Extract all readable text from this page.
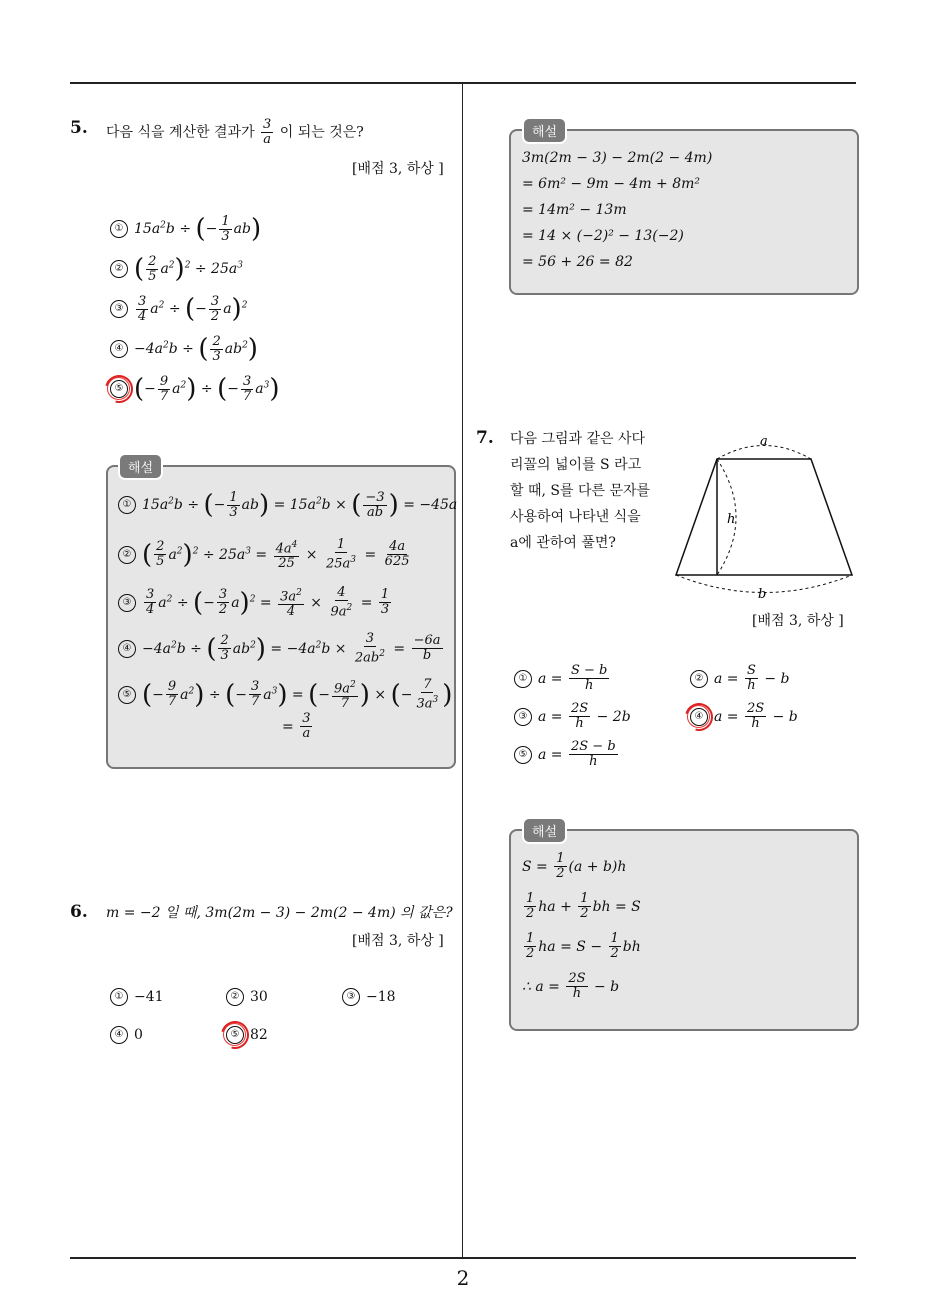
2
5. 다음 식을 계산한 결과가 $\frac{3}{a}$ 이 되는 것은?
[배점 3, 하상 ]
① $15a^2b$ ÷ (− $\frac{1}{3} ab$)
② ( $\frac{2}{5} a^2)^2 \div 25a^3$
③ $\frac{3}{4} a^2$ ÷ (− $\frac{3}{2} a)^2$
④ $-4a^2b$ ÷ ( $\frac{2}{3} ab^2$)
⑤ (− $\frac{9}{7} a^2$) ÷ (− $\frac{3}{7} a^3$)
해설
① $15a^2b$ ÷ (− $\frac{1}{3} ab) = 15a^2b$ × ( $\frac{-3}{ab}$ ) = −45a
② ( $\frac{2}{5} a^2)^2 \div 25a^3 = \frac{4a^4}{25} \times \frac{1}{25a^3} = \frac{4a}{625}$
③ $\frac{3}{4} a^2$ ÷ (− $\frac{3}{2} a)^2 = \frac{3a^2}{4} \times \frac{4}{9a^2} = \frac{1}{3}$
④ $-4a^2b$ ÷ ( $\frac{2}{3} ab^2) = -4a^2b \times \frac{3}{2ab^2} = \frac{-6a}{b}$
⑤ (− $\frac{9}{7} a^2$) ÷ (− $\frac{3}{7} a^3$) = (− $\frac{9a^2}{7}$ ) × (− $\frac{7}{3a^3}$ )
= $\frac{3}{a}$
6. m = −2 일 때, 3m(2m − 3) − 2m(2 − 4m) 의 값은?
[배점 3, 하상 ]
① −41	② 30	③ −18
④ 0	⑤ 82
해설
3m(2m − 3) − 2m(2 − 4m)
= 6m² − 9m − 4m + 8m²
= 14m² − 13m
= 14 × (−2)² − 13(−2)
= 56 + 26 = 82
7. 다음 그림과 같은 사다
리꼴의 넓이를 S 라고
할 때, S를 다른 문자를
사용하여 나타낸 식을
a에 관하여 풀면?
a
h
b
[배점 3, 하상 ]
① $a = \frac{S - b}{h}$	② $a = \frac{S}{h} - b$
③ $a = \frac{2S}{h} - 2b$	④ $a = \frac{2S}{h} - b$
⑤ $a = \frac{2S - b}{h}$
해설
$S = \frac{1}{2} (a + b)h$
$\frac{1}{2}$ ha + $\frac{1}{2}$ bh = S
$\frac{1}{2}$ ha = $S - \frac{1}{2}$ bh
∴ $a = \frac{2S}{h} - b$
